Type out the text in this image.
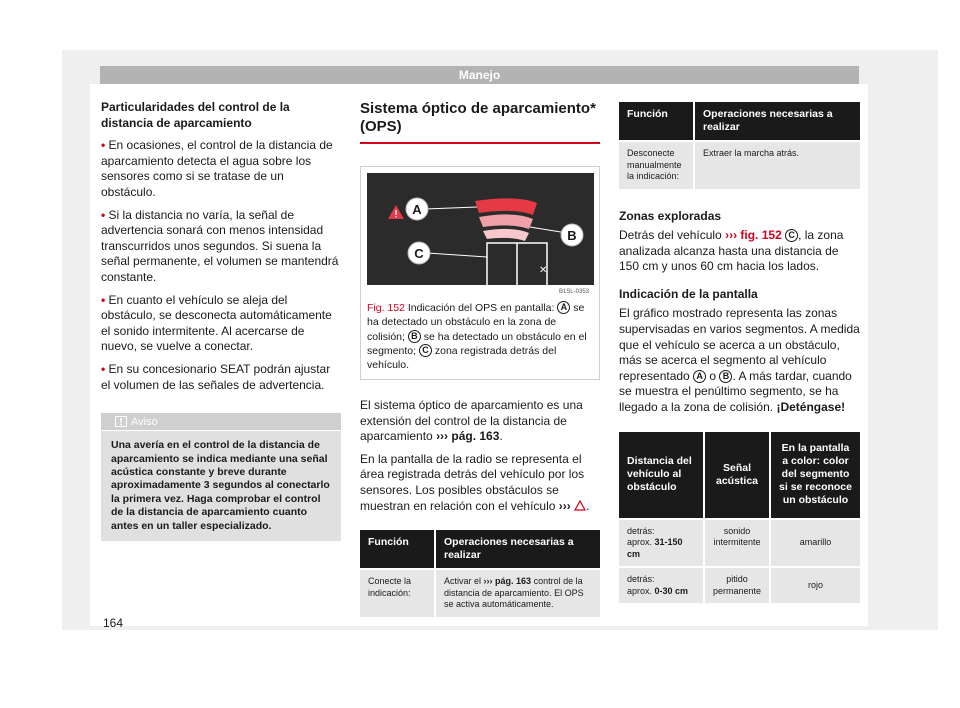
Manejo

Particularidades del control de la distancia de aparcamiento

• En ocasiones, el control de la distancia de aparcamiento detecta el agua sobre los sensores como si se tratase de un obstáculo.

• Si la distancia no varía, la señal de advertencia sonará con menos intensidad transcurridos unos segundos. Si suena la señal permanente, el volumen se mantendrá constante.

• En cuanto el vehículo se aleja del obstáculo, se desconecta automáticamente el sonido intermitente. Al acercarse de nuevo, se vuelve a conectar.

• En su concesionario SEAT podrán ajustar el volumen de las señales de advertencia.

Aviso
Una avería en el control de la distancia de aparcamiento se indica mediante una señal acústica constante y breve durante aproximadamente 3 segundos al conectarlo la primera vez. Haga comprobar el control de la distancia de aparcamiento cuanto antes en un taller especializado.
Sistema óptico de aparcamiento* (OPS)
A
B
C
✕
B1SL-0353
Fig. 152 Indicación del OPS en pantalla: A se ha detectado un obstáculo en la zona de colisión; B se ha detectado un obstáculo en el segmento; C zona registrada detrás del vehículo.

El sistema óptico de aparcamiento es una extensión del control de la distancia de aparcamiento ››› pág. 163.

En la pantalla de la radio se representa el área registrada detrás del vehículo por los sensores. Los posibles obstáculos se muestran en relación con el vehículo ››› .

Función	Operaciones necesarias a realizar
Conecte la indicación:	Activar el ››› pág. 163 control de la distancia de aparcamiento. El OPS se activa automáticamente.
Función	Operaciones necesarias a realizar
Desconecte manualmente la indicación:	Extraer la marcha atrás.

Zonas exploradas

Detrás del vehículo ››› fig. 152 C , la zona analizada alcanza hasta una distancia de 150 cm y unos 60 cm hacia los lados.

Indicación de la pantalla

El gráfico mostrado representa las zonas supervisadas en varios segmentos. A medida que el vehículo se acerca a un obstáculo, más se acerca el segmento al vehículo representado A o B . A más tardar, cuando se muestra el penúltimo segmento, se ha llegado a la zona de colisión. ¡Deténgase!

Distancia del vehículo al obstáculo	Señal acústica	En la pantalla a color: color del segmento si se reconoce un obstáculo
detrás:
aprox. 31-150 cm	sonido intermitente	amarillo
detrás:
aprox. 0-30 cm	pitido permanente	rojo
164
